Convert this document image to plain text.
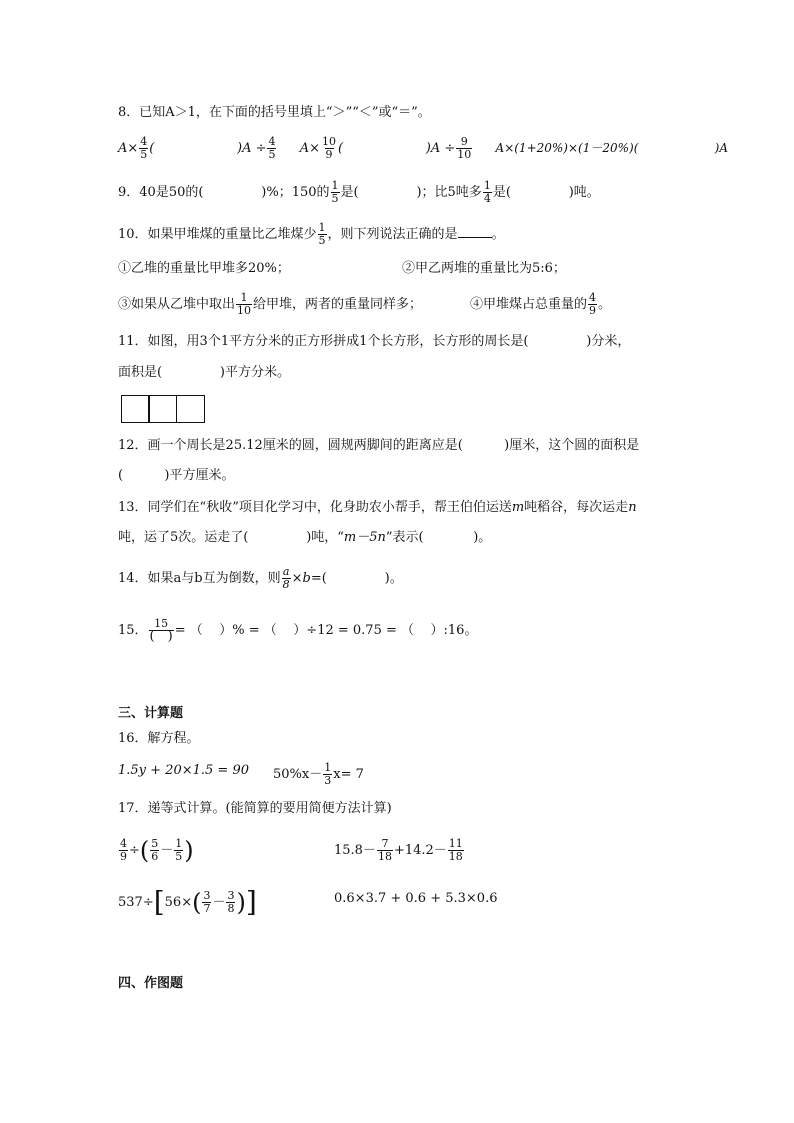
8．已知A＞1，在下面的括号里填上“＞”“＜”或“＝”。
$A\times \frac{4}{5}$ (                    )$A \div \frac{4}{5} A\times \frac{10}{9}$ (                    )$A \div \frac{9}{10} A\times(1+20\%)\times(1-20\%)$(                    )A
9．40是50的(              )%；150的 $\frac{1}{5}$ 是(              )；比5吨多 $\frac{1}{4}$ 是(              )吨。
10．如果甲堆煤的重量比乙堆煤少 $\frac{1}{5}$ ，则下列说法正确的是	。
①乙堆的重量比甲堆多20%；	②甲乙两堆的重量比为5:6；
③如果从乙堆中取出 $\frac{1}{10}$ 给甲堆，两者的重量同样多；	④甲堆煤占总重量的 $\frac{4}{9}$ 。
11．如图，用3个1平方分米的正方形拼成1个长方形，长方形的周长是(              )分米，
面积是(              )平方分米。
12．画一个周长是25.12厘米的圆，圆规两脚间的距离应是(          )厘米，这个圆的面积是
(          )平方厘米。
13．同学们在“秋收”项目化学习中，化身助农小帮手，帮王伯伯运送m吨稻谷，每次运走n
吨，运了5次。运走了(              )吨，“m－5n”表示(            )。
14．如果a与b互为倒数，则 $\frac{a}{8} \times b=$(              )。
15． $\frac{15}{( )}$ = （    ）% = （    ）÷12 = 0.75 = （    ）:16。
三、计算题
16．解方程。
1.5y + 20×1.5 = 90 $50\%x- \frac{1}{3} x= 7$
17．递等式计算。(能简算的要用简便方法计算)
$\frac{4}{9}$ ÷( $\frac{5}{6} - \frac{1}{5}$ )	$15.8- \frac{7}{18} +14.2- \frac{11}{18}$
$537\div[56\times( \frac{3}{7} - \frac{3}{8}$ )]	0.6×3.7 + 0.6 + 5.3×0.6
四、作图题
